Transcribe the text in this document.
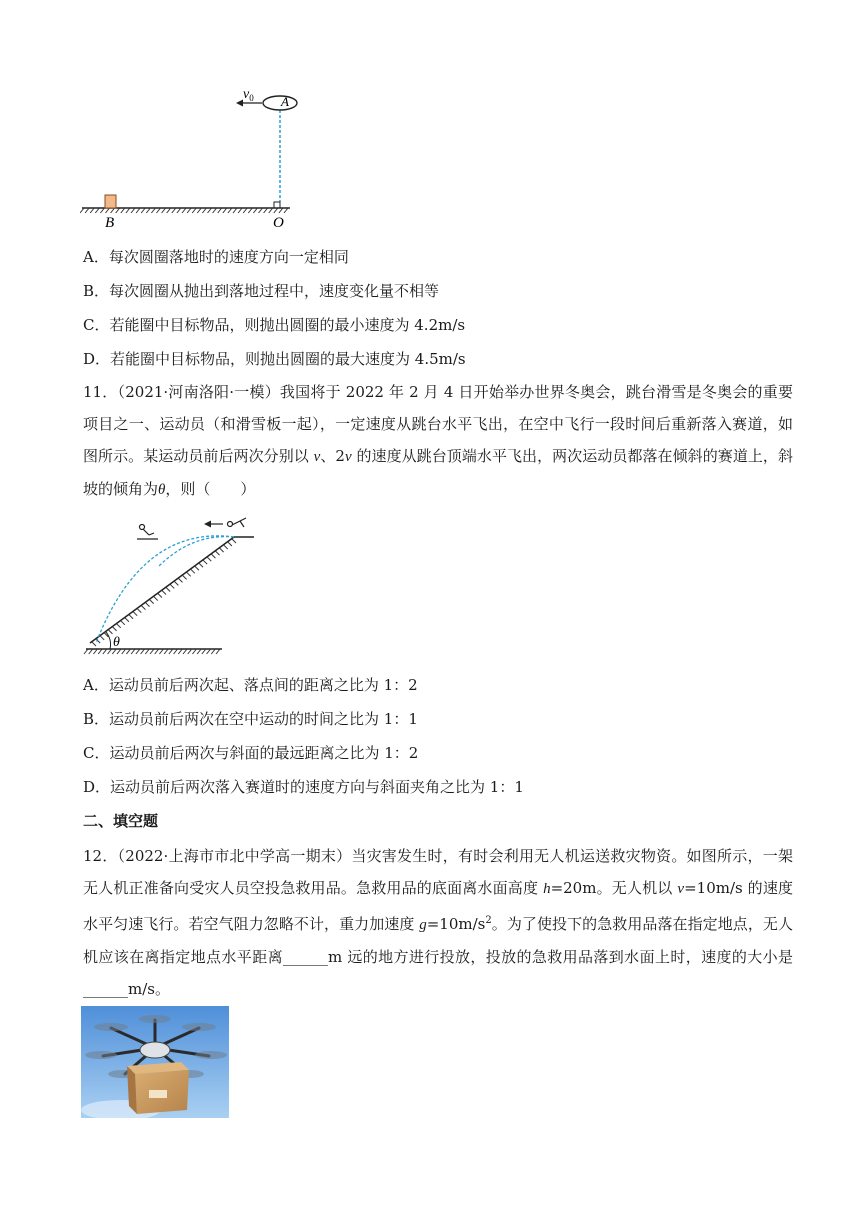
$v_0$ A
B	O
A．每次圆圈落地时的速度方向一定相同
B．每次圆圈从抛出到落地过程中，速度变化量不相等
C．若能圈中目标物品，则抛出圆圈的最小速度为 4.2m/s
D．若能圈中目标物品，则抛出圆圈的最大速度为 4.5m/s
11．（2021·河南洛阳·一模）我国将于 2022 年 2 月 4 日开始举办世界冬奥会，跳台滑雪是冬奥会的重要项目之一、运动员（和滑雪板一起），一定速度从跳台水平飞出，在空中飞行一段时间后重新落入赛道，如图所示。某运动员前后两次分别以 v、2v 的速度从跳台顶端水平飞出，两次运动员都落在倾斜的赛道上，斜坡的倾角为θ，则（　　）
θ
A．运动员前后两次起、落点间的距离之比为 1：2
B．运动员前后两次在空中运动的时间之比为 1：1
C．运动员前后两次与斜面的最远距离之比为 1：2
D．运动员前后两次落入赛道时的速度方向与斜面夹角之比为 1：1
二、填空题
12．（2022·上海市市北中学高一期末）当灾害发生时，有时会利用无人机运送救灾物资。如图所示，一架无人机正准备向受灾人员空投急救用品。急救用品的底面离水面高度 h=20m。无人机以 v=10m/s 的速度水平匀速飞行。若空气阻力忽略不计，重力加速度 $g=10m/s^2$。为了使投下的急救用品落在指定地点，无人机应该在离指定地点水平距离______m 远的地方进行投放，投放的急救用品落到水面上时，速度的大小是______m/s。
